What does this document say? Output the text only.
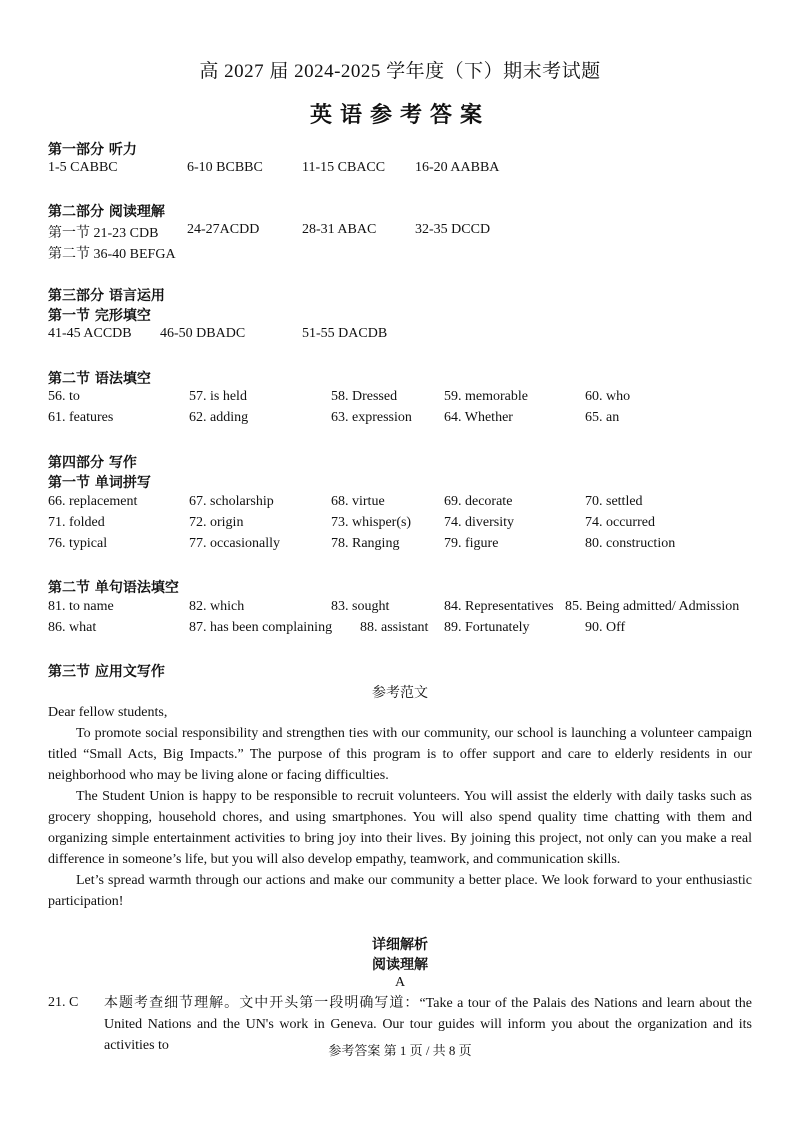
高 2027 届 2024-2025 学年度（下）期末考试题
英语参考答案
第一部分 听力
1-5 CABBC	6-10 BCBBC	11-15 CBACC 16-20 AABBA
第二部分 阅读理解
第一节 21-23 CDB 24-27ACDD	28-31 ABAC	32-35 DCCD
第二节 36-40 BEFGA
第三部分 语言运用
第一节 完形填空
41-45 ACCDB 46-50 DBADC	51-55 DACDB
第二节 语法填空
56. to	57. is held	58. Dressed	59. memorable	60. who
61. features	62. adding	63. expression 64. Whether	65. an
第四部分 写作
第一节 单词拼写
66. replacement	67. scholarship	68. virtue	69. decorate	70. settled
71. folded	72. origin	73. whisper(s) 74. diversity	74. occurred
76. typical	77. occasionally	78. Ranging	79. figure	80. construction
第二节 单句语法填空
81. to name	82. which	83. sought	84. Representatives 85. Being admitted/ Admission
86. what	87. has been complaining 88. assistant 89. Fortunately	90. Off
第三节 应用文写作
参考范文
Dear fellow students,

To promote social responsibility and strengthen ties with our community, our school is launching a volunteer campaign titled “Small Acts, Big Impacts.” The purpose of this program is to offer support and care to elderly residents in our neighborhood who may be living alone or facing difficulties.

The Student Union is happy to be responsible to recruit volunteers. You will assist the elderly with daily tasks such as grocery shopping, household chores, and using smartphones. You will also spend quality time chatting with them and organizing simple entertainment activities to bring joy into their lives. By joining this project, not only can you make a real difference in someone’s life, but you will also develop empathy, teamwork, and communication skills.

Let’s spread warmth through our actions and make our community a better place. We look forward to your enthusiastic participation!

详细解析
阅读理解
A
21. C 本题考查细节理解。文中开头第一段明确写道：“Take a tour of the Palais des Nations and learn about the United Nations and the UN's work in Geneva. Our tour guides will inform you about the organization and its activities to	参考答案 第 1 页 / 共 8 页
